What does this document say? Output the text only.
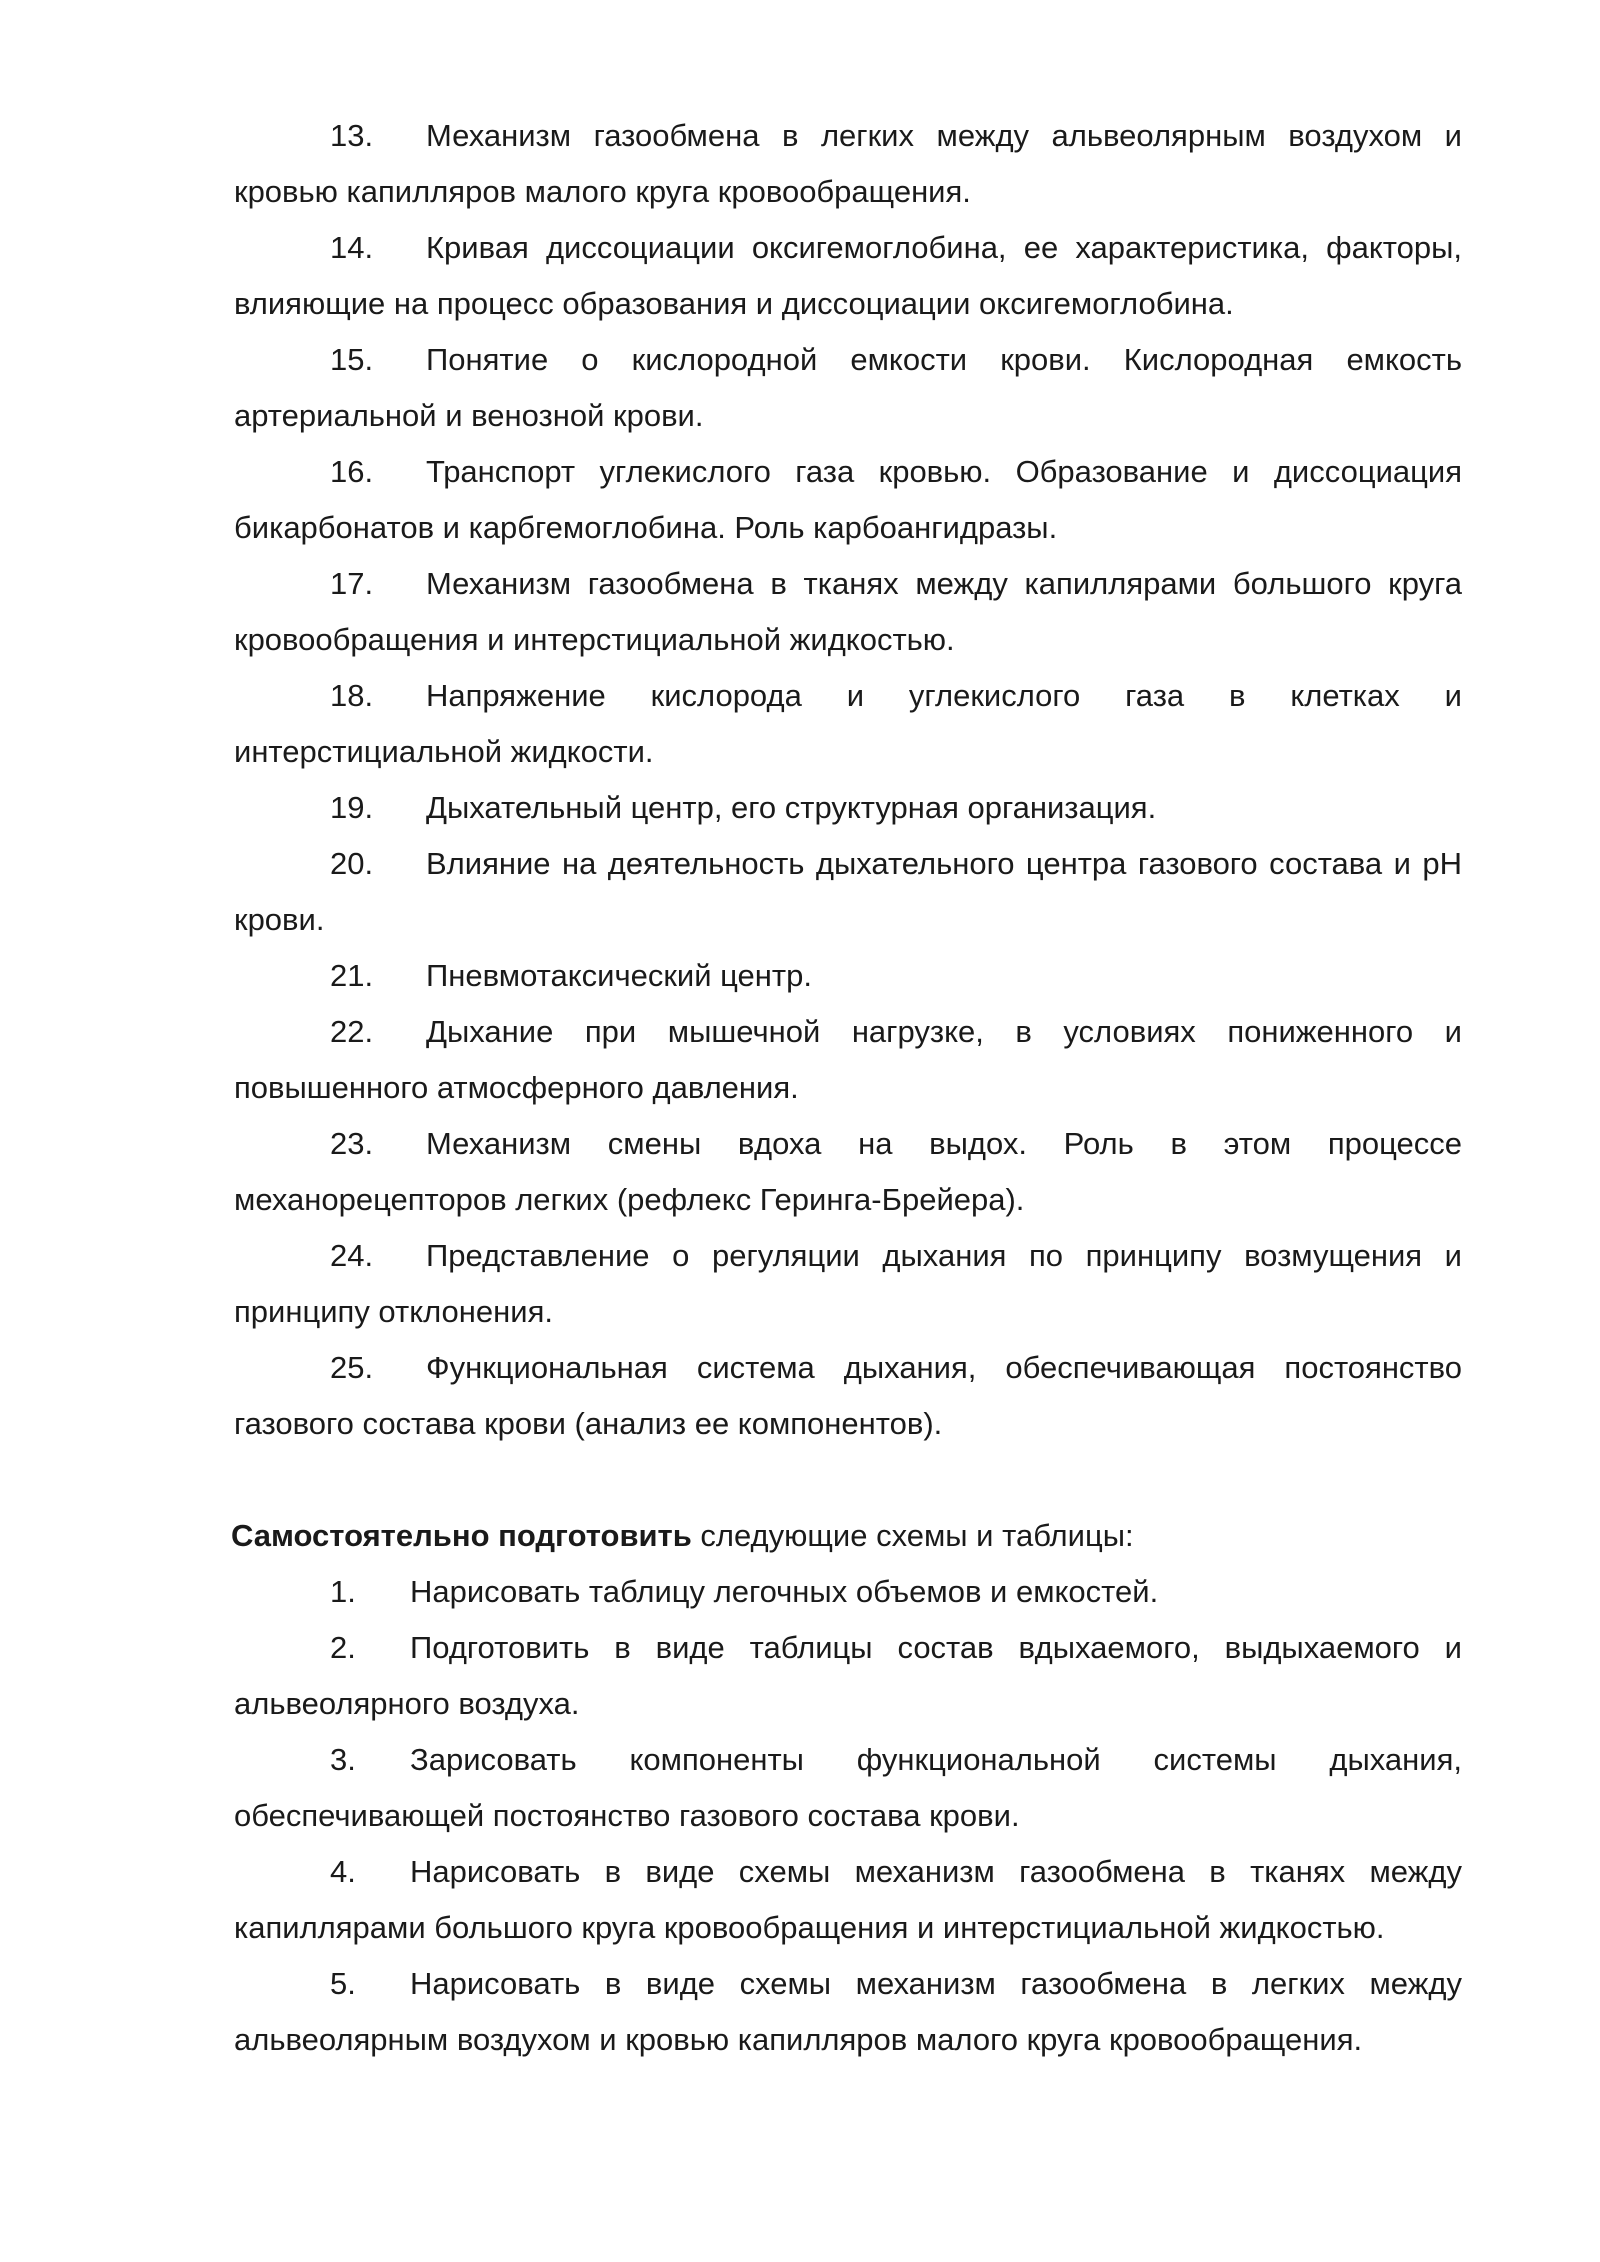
13. Механизм газообмена в легких между альвеолярным воздухом и кровью капилляров малого круга кровообращения.

14. Кривая диссоциации оксигемоглобина, ее характеристика, факторы, влияющие на процесс образования и диссоциации оксигемоглобина.

15. Понятие о кислородной емкости крови. Кислородная емкость артериальной и венозной крови.

16. Транспорт углекислого газа кровью. Образование и диссоциация бикарбонатов и карбгемоглобина. Роль карбоангидразы.

17. Механизм газообмена в тканях между капиллярами большого круга кровообращения и интерстициальной жидкостью.

18. Напряжение кислорода и углекислого газа в клетках и интерстициальной жидкости.

19. Дыхательный центр, его структурная организация.

20. Влияние на деятельность дыхательного центра газового состава и pH крови.

21. Пневмотаксический центр.

22. Дыхание при мышечной нагрузке, в условиях пониженного и повышенного атмосферного давления.

23. Механизм смены вдоха на выдох. Роль в этом процессе механорецепторов легких (рефлекс Геринга-Брейера).

24. Представление о регуляции дыхания по принципу возмущения и принципу отклонения.

25. Функциональная система дыхания, обеспечивающая постоянство газового состава крови (анализ ее компонентов).

Самостоятельно подготовить следующие схемы и таблицы:

1. Нарисовать таблицу легочных объемов и емкостей.

2. Подготовить в виде таблицы состав вдыхаемого, выдыхаемого и альвеолярного воздуха.

3. Зарисовать компоненты функциональной системы дыхания, обеспечивающей постоянство газового состава крови.

4. Нарисовать в виде схемы механизм газообмена в тканях между капиллярами большого круга кровообращения и интерстициальной жидкостью.

5. Нарисовать в виде схемы механизм газообмена в легких между альвеолярным воздухом и кровью капилляров малого круга кровообращения.
